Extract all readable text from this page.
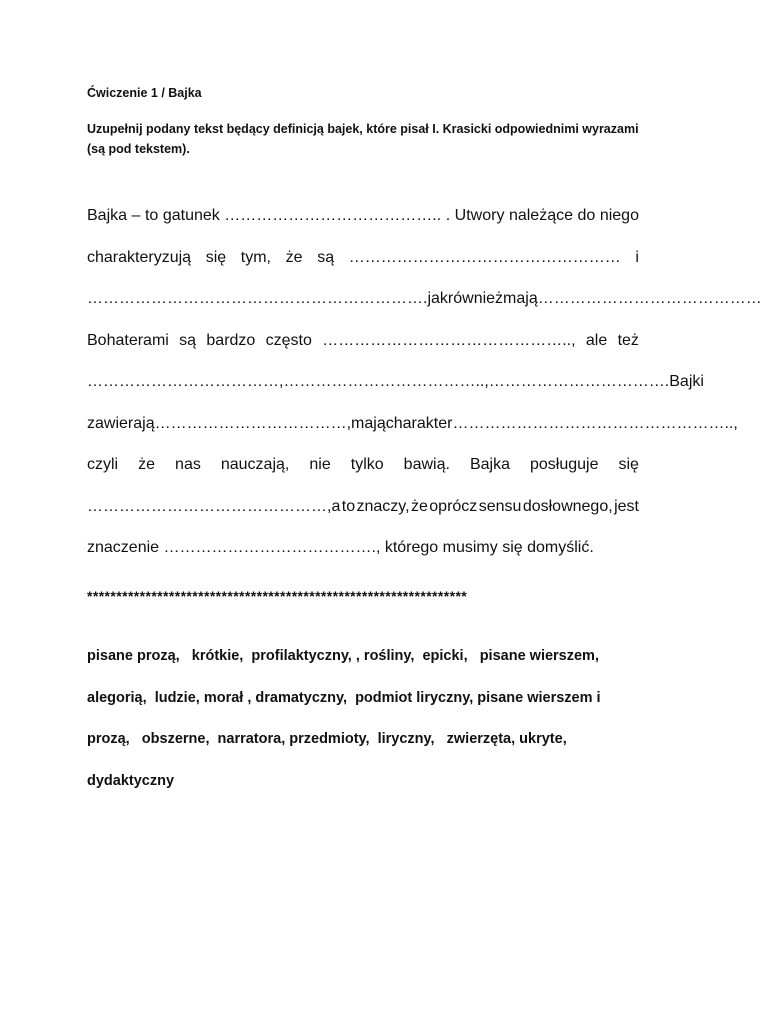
Ćwiczenie 1 / Bajka
Uzupełnij podany tekst będący definicją bajek, które pisał I. Krasicki odpowiednimi wyrazami (są pod tekstem).
Bajka – to gatunek ………………………………….. . Utwory należące do niego
charakteryzują się tym, że są …………………………………………… i
………………………………………………………. jak również mają ……………………………………
Bohaterami są bardzo często ……………………………………….., ale też
………………………………, ……………………………….., …………………………… . Bajki
zawierają ………………………………, mają charakter ……………………………………………..,
czyli że nas nauczają, nie tylko bawią. Bajka posługuje się
………………………………………,a to znaczy, że oprócz sensu dosłownego, jest
znaczenie …………………………………., którego musimy się domyślić.
*****************************************************************
pisane prozą,   krótkie,  profilaktyczny, , rośliny,  epicki,   pisane wierszem,
alegorią,  ludzie, morał , dramatyczny,  podmiot liryczny, pisane wierszem i
prozą,   obszerne,  narratora, przedmioty,  liryczny,   zwierzęta, ukryte,
dydaktyczny
